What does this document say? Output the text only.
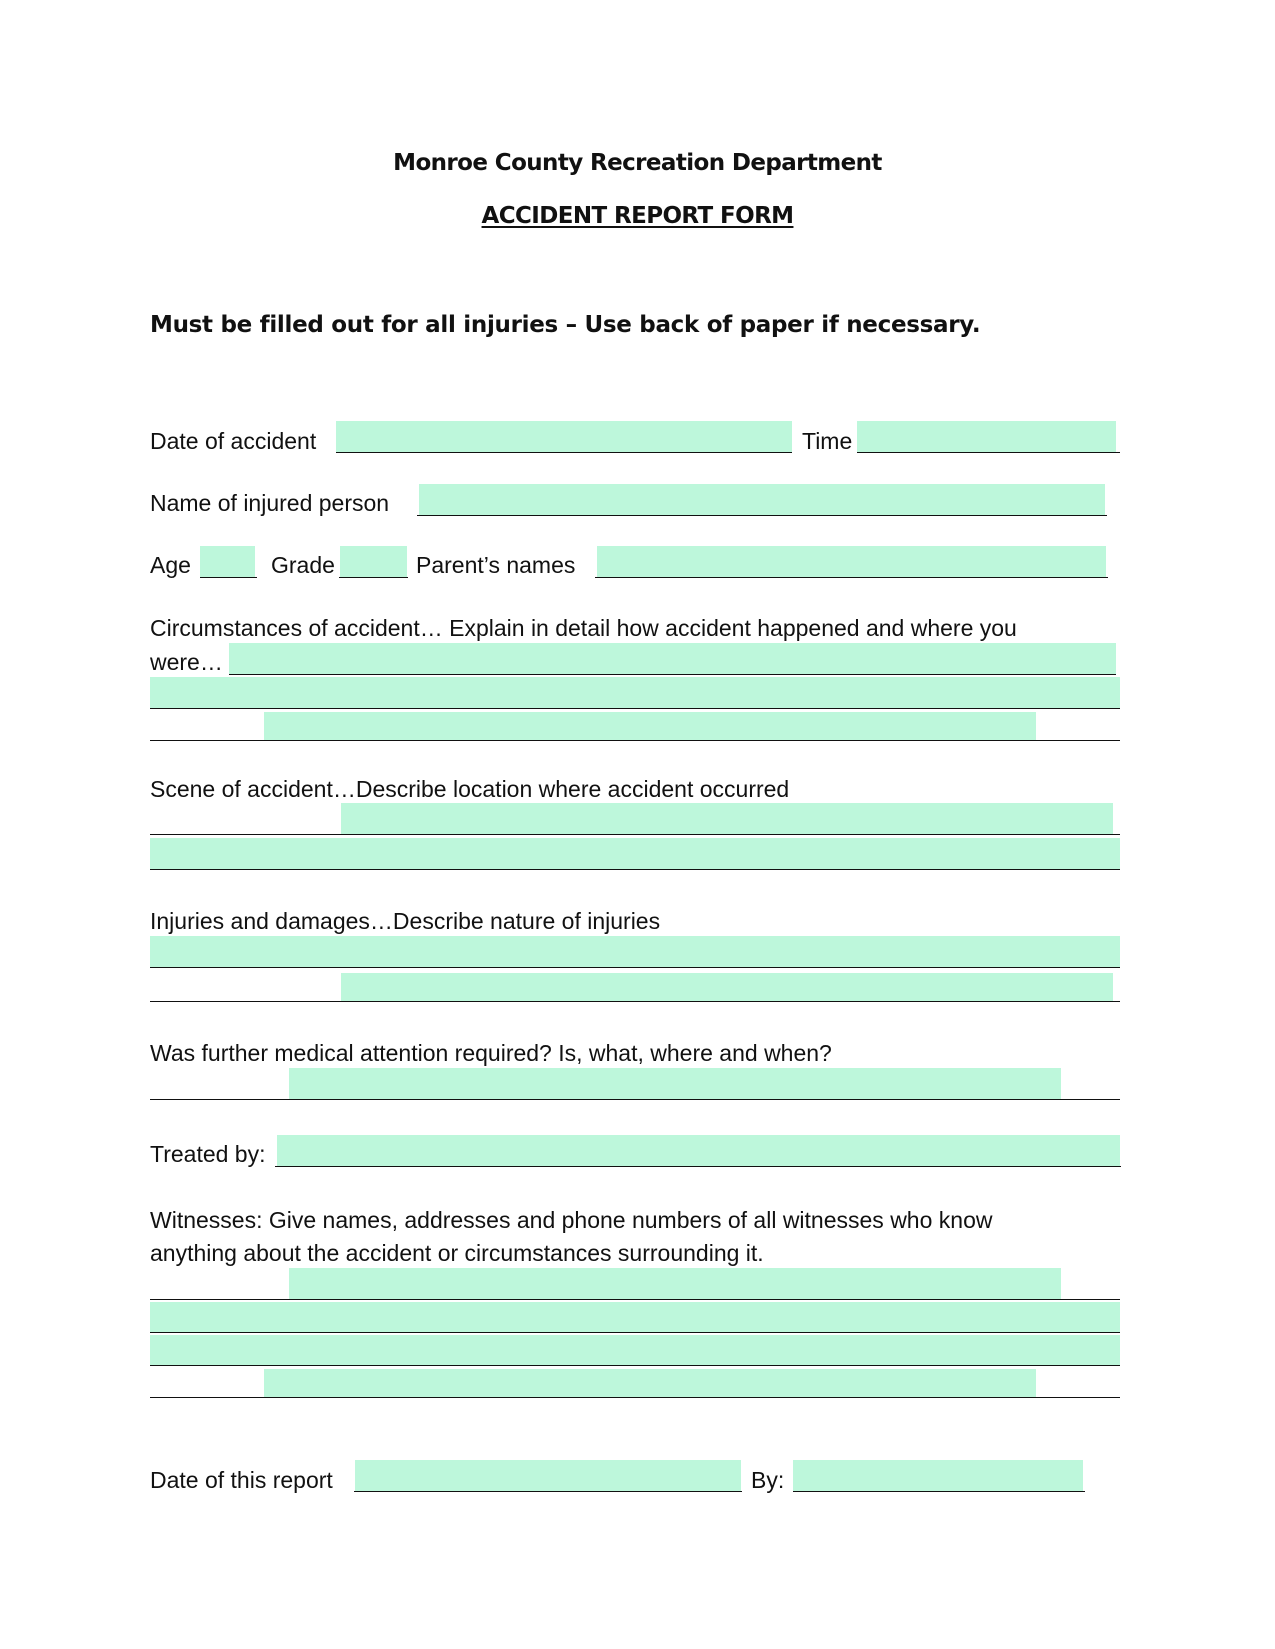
Monroe County Recreation Department
ACCIDENT REPORT FORM
Must be filled out for all injuries – Use back of paper if necessary.
Date of accident	Time
Name of injured person
Age	Grade	Parent’s names
Circumstances of accident… Explain in detail how accident happened and where you
were…
Scene of accident…Describe location where accident occurred
Injuries and damages…Describe nature of injuries
Was further medical attention required? Is, what, where and when?
Treated by:
Witnesses: Give names, addresses and phone numbers of all witnesses who know
anything about the accident or circumstances surrounding it.
Date of this report	By:
